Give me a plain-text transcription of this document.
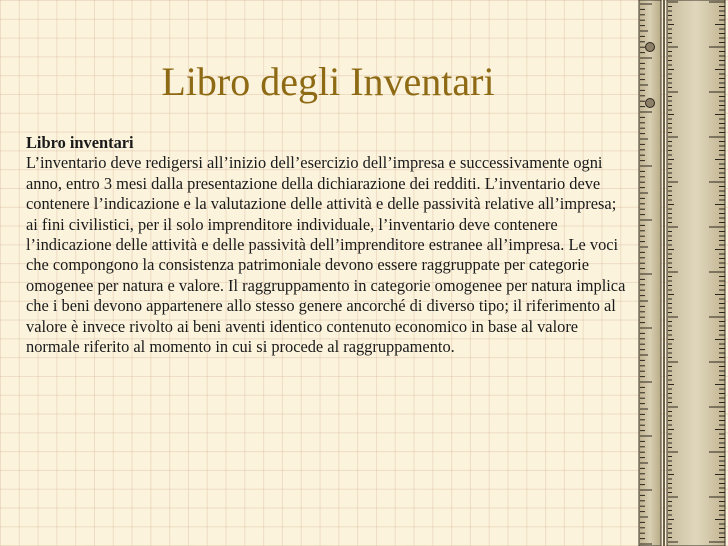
Libro degli Inventari
Libro inventari
L’inventario deve redigersi all’inizio dell’esercizio dell’impresa e successivamente ogni anno, entro 3 mesi dalla presentazione della dichiarazione dei redditi. L’inventario deve contenere l’indicazione e la valutazione delle attività e delle passività relative all’impresa; ai fini civilistici, per il solo imprenditore individuale, l’inventario deve contenere l’indicazione delle attività e delle passività dell’imprenditore estranee all’impresa. Le voci che compongono la consistenza patrimoniale devono essere raggruppate per categorie omogenee per natura e valore. Il raggruppamento in categorie omogenee per natura implica che i beni devono appartenere allo stesso genere ancorché di diverso tipo; il riferimento al valore è invece rivolto ai beni aventi identico contenuto economico in base al valore normale riferito al momento in cui si procede al raggruppamento.
